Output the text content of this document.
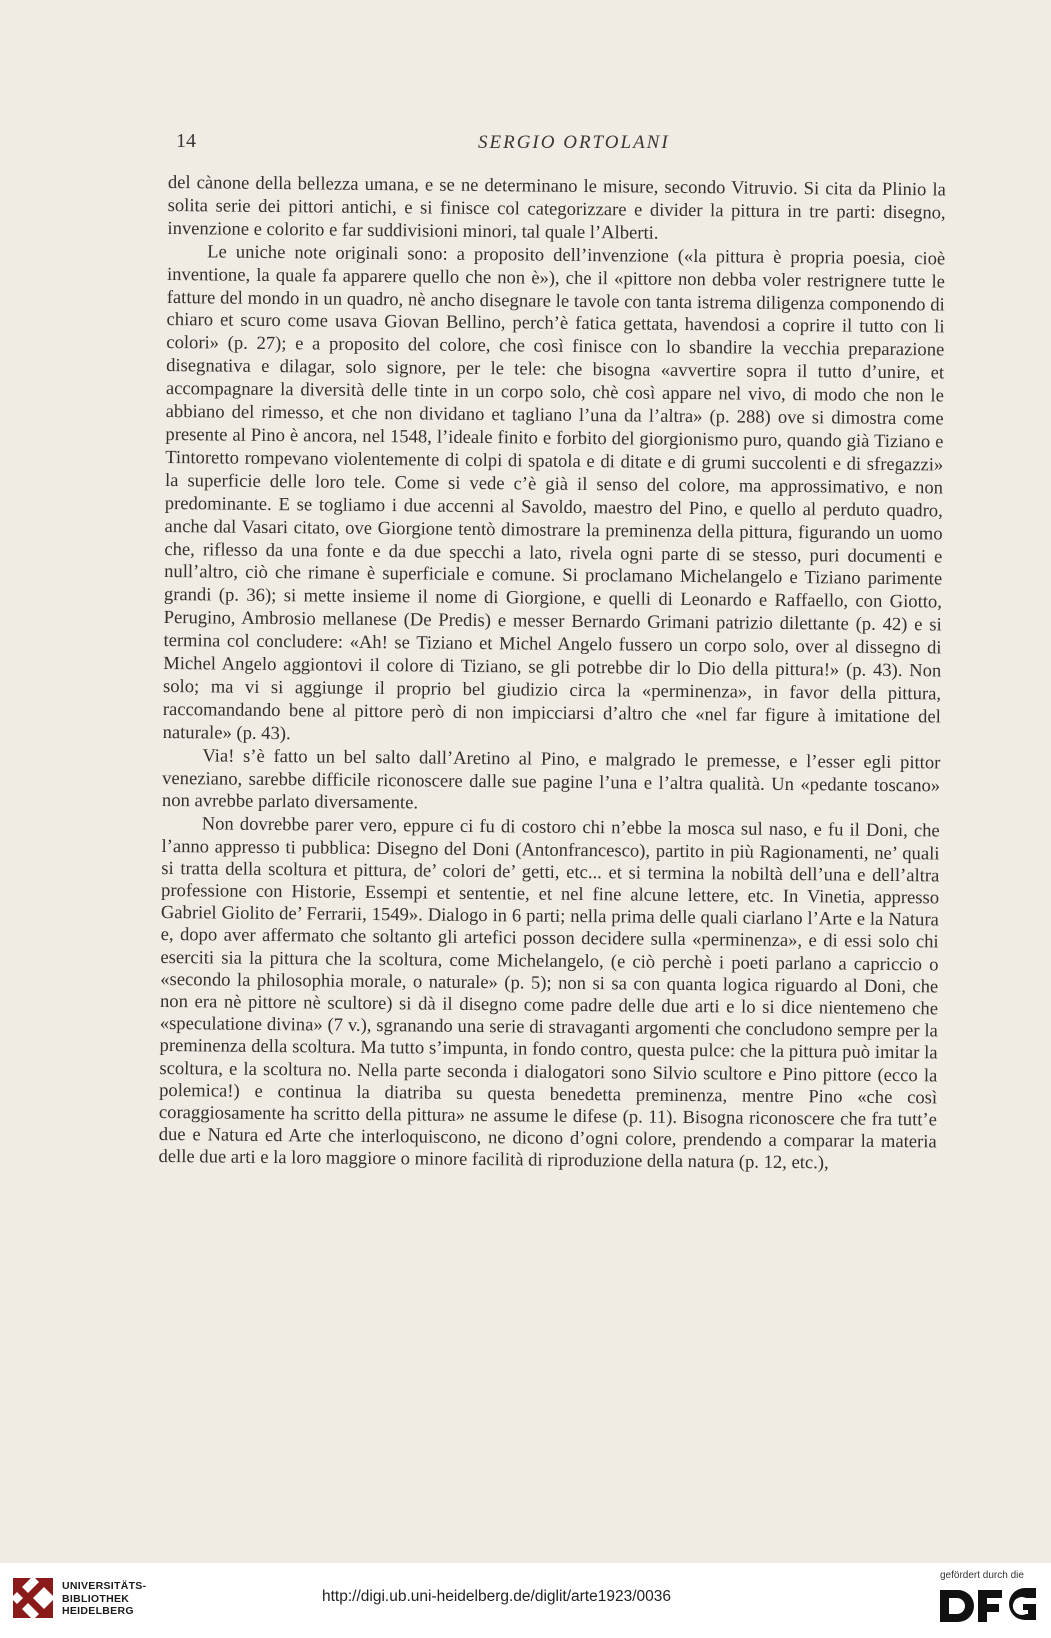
14	SERGIO ORTOLANI

del cànone della bellezza umana, e se ne determinano le misure, secondo Vitruvio. Si cita da Plinio la solita serie dei pittori antichi, e si finisce col categorizzare e divider la pittura in tre parti: disegno, invenzione e colorito e far suddivisioni minori, tal quale l’Alberti.

Le uniche note originali sono: a proposito dell’invenzione («la pittura è propria poesia, cioè inventione, la quale fa apparere quello che non è»), che il «pittore non debba voler restrignere tutte le fatture del mondo in un quadro, nè ancho disegnare le tavole con tanta istrema diligenza componendo di chiaro et scuro come usava Giovan Bellino, perch’è fatica gettata, havendosi a coprire il tutto con li colori» (p. 27); e a proposito del colore, che così finisce con lo sbandire la vecchia preparazione disegnativa e dilagar, solo signore, per le tele: che bisogna «avvertire sopra il tutto d’unire, et accompagnare la diversità delle tinte in un corpo solo, chè così appare nel vivo, di modo che non le abbiano del rimesso, et che non dividano et tagliano l’una da l’altra» (p. 288) ove si dimostra come presente al Pino è ancora, nel 1548, l’ideale finito e forbito del giorgionismo puro, quando già Tiziano e Tintoretto rompevano violentemente di colpi di spatola e di ditate e di grumi succolenti e di sfregazzi» la superficie delle loro tele. Come si vede c’è già il senso del colore, ma approssimativo, e non predominante. E se togliamo i due accenni al Savoldo, maestro del Pino, e quello al perduto quadro, anche dal Vasari citato, ove Giorgione tentò dimostrare la preminenza della pittura, figurando un uomo che, riflesso da una fonte e da due specchi a lato, rivela ogni parte di se stesso, puri documenti e null’altro, ciò che rimane è superficiale e comune. Si proclamano Michelangelo e Tiziano parimente grandi (p. 36); si mette insieme il nome di Giorgione, e quelli di Leonardo e Raffaello, con Giotto, Perugino, Ambrosio mellanese (De Predis) e messer Bernardo Grimani patrizio dilettante (p. 42) e si termina col concludere: «Ah! se Tiziano et Michel Angelo fussero un corpo solo, over al dissegno di Michel Angelo aggiontovi il colore di Tiziano, se gli potrebbe dir lo Dio della pittura!» (p. 43). Non solo; ma vi si aggiunge il proprio bel giudizio circa la «perminenza», in favor della pittura, raccomandando bene al pittore però di non impicciarsi d’altro che «nel far figure à imitatione del naturale» (p. 43).

Via! s’è fatto un bel salto dall’Aretino al Pino, e malgrado le premesse, e l’esser egli pittor veneziano, sarebbe difficile riconoscere dalle sue pagine l’una e l’altra qualità. Un «pedante toscano» non avrebbe parlato diversamente.

Non dovrebbe parer vero, eppure ci fu di costoro chi n’ebbe la mosca sul naso, e fu il Doni, che l’anno appresso ti pubblica: Disegno del Doni (Antonfrancesco), partito in più Ragionamenti, ne’ quali si tratta della scoltura et pittura, de’ colori de’ getti, etc... et si termina la nobiltà dell’una e dell’altra professione con Historie, Essempi et sententie, et nel fine alcune lettere, etc. In Vinetia, appresso Gabriel Giolito de’ Ferrarii, 1549». Dialogo in 6 parti; nella prima delle quali ciarlano l’Arte e la Natura e, dopo aver affermato che soltanto gli artefici posson decidere sulla «perminenza», e di essi solo chi eserciti sia la pittura che la scoltura, come Michelangelo, (e ciò perchè i poeti parlano a capriccio o «secondo la philosophia morale, o naturale» (p. 5); non si sa con quanta logica riguardo al Doni, che non era nè pittore nè scultore) si dà il disegno come padre delle due arti e lo si dice nientemeno che «speculatione divina» (7 v.), sgranando una serie di stravaganti argomenti che concludono sempre per la preminenza della scoltura. Ma tutto s’impunta, in fondo contro, questa pulce: che la pittura può imitar la scoltura, e la scoltura no. Nella parte seconda i dialogatori sono Silvio scultore e Pino pittore (ecco la polemica!) e continua la diatriba su questa benedetta preminenza, mentre Pino «che così coraggiosamente ha scritto della pittura» ne assume le difese (p. 11). Bisogna riconoscere che fra tutt’e due e Natura ed Arte che interloquiscono, ne dicono d’ogni colore, prendendo a comparar la materia delle due arti e la loro maggiore o minore facilità di riproduzione della natura (p. 12, etc.),

UNIVERSITÄTS-
BIBLIOTHEK
HEIDELBERG
http://digi.ub.uni-heidelberg.de/diglit/arte1923/0036
gefördert durch die
